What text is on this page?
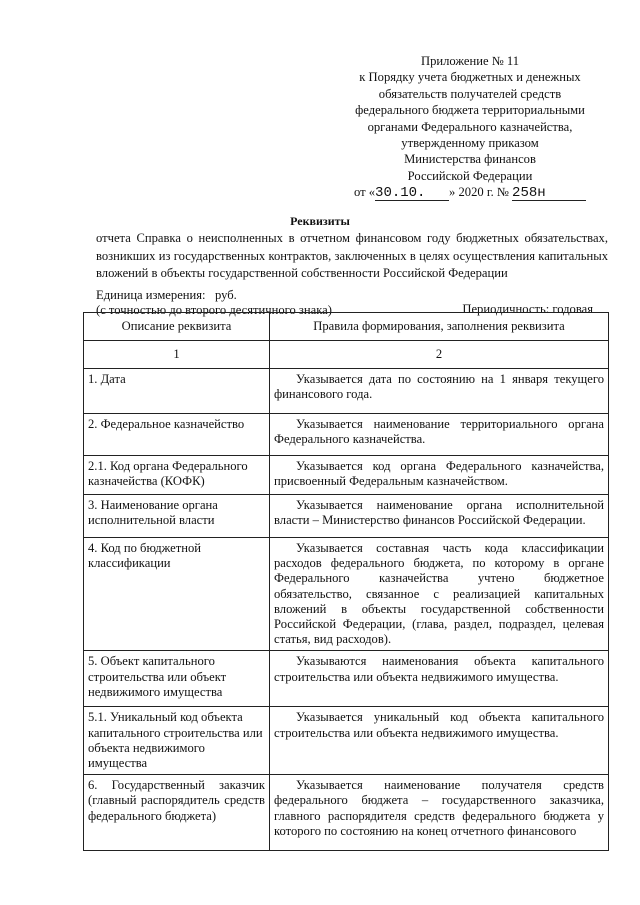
Приложение № 11
к Порядку учета бюджетных и денежных
обязательств получателей средств
федерального бюджета территориальными
органами Федерального казначейства,
утвержденному приказом
Министерства финансов
Российской Федерации
от «30.10. » 2020 г. № 258н
Реквизиты
отчета Справка о неисполненных в отчетном финансовом году бюджетных обязательствах, возникших из государственных контрактов, заключенных в целях осуществления капитальных вложений в объекты государственной собственности Российской Федерации
Единица измерения:   руб.
(с точностью до второго десятичного знака)	Периодичность: годовая
Описание реквизита	Правила формирования, заполнения реквизита
1	2
1. Дата	Указывается дата по состоянию на 1 января текущего финансового года.
2. Федеральное казначейство	Указывается наименование территориального органа Федерального казначейства.
2.1. Код органа Федерального казначейства (КОФК)	Указывается код органа Федерального казначейства, присвоенный Федеральным казначейством.
3. Наименование органа исполнительной власти	Указывается наименование органа исполнительной власти – Министерство финансов Российской Федерации.
4. Код по бюджетной классификации	Указывается составная часть кода классификации расходов федерального бюджета, по которому в органе Федерального казначейства учтено бюджетное обязательство, связанное с реализацией капитальных вложений в объекты государственной собственности Российской Федерации, (глава, раздел, подраздел, целевая статья, вид расходов).
5. Объект капитального строительства или объект недвижимого имущества	Указываются наименования объекта капитального строительства или объекта недвижимого имущества.
5.1. Уникальный код объекта капитального строительства или объекта недвижимого имущества	Указывается уникальный код объекта капитального строительства или объекта недвижимого имущества.
6. Государственный заказчик (главный распорядитель средств федерального бюджета)	Указывается наименование получателя средств федерального бюджета – государственного заказчика, главного распорядителя средств федерального бюджета у которого по состоянию на конец отчетного финансового
